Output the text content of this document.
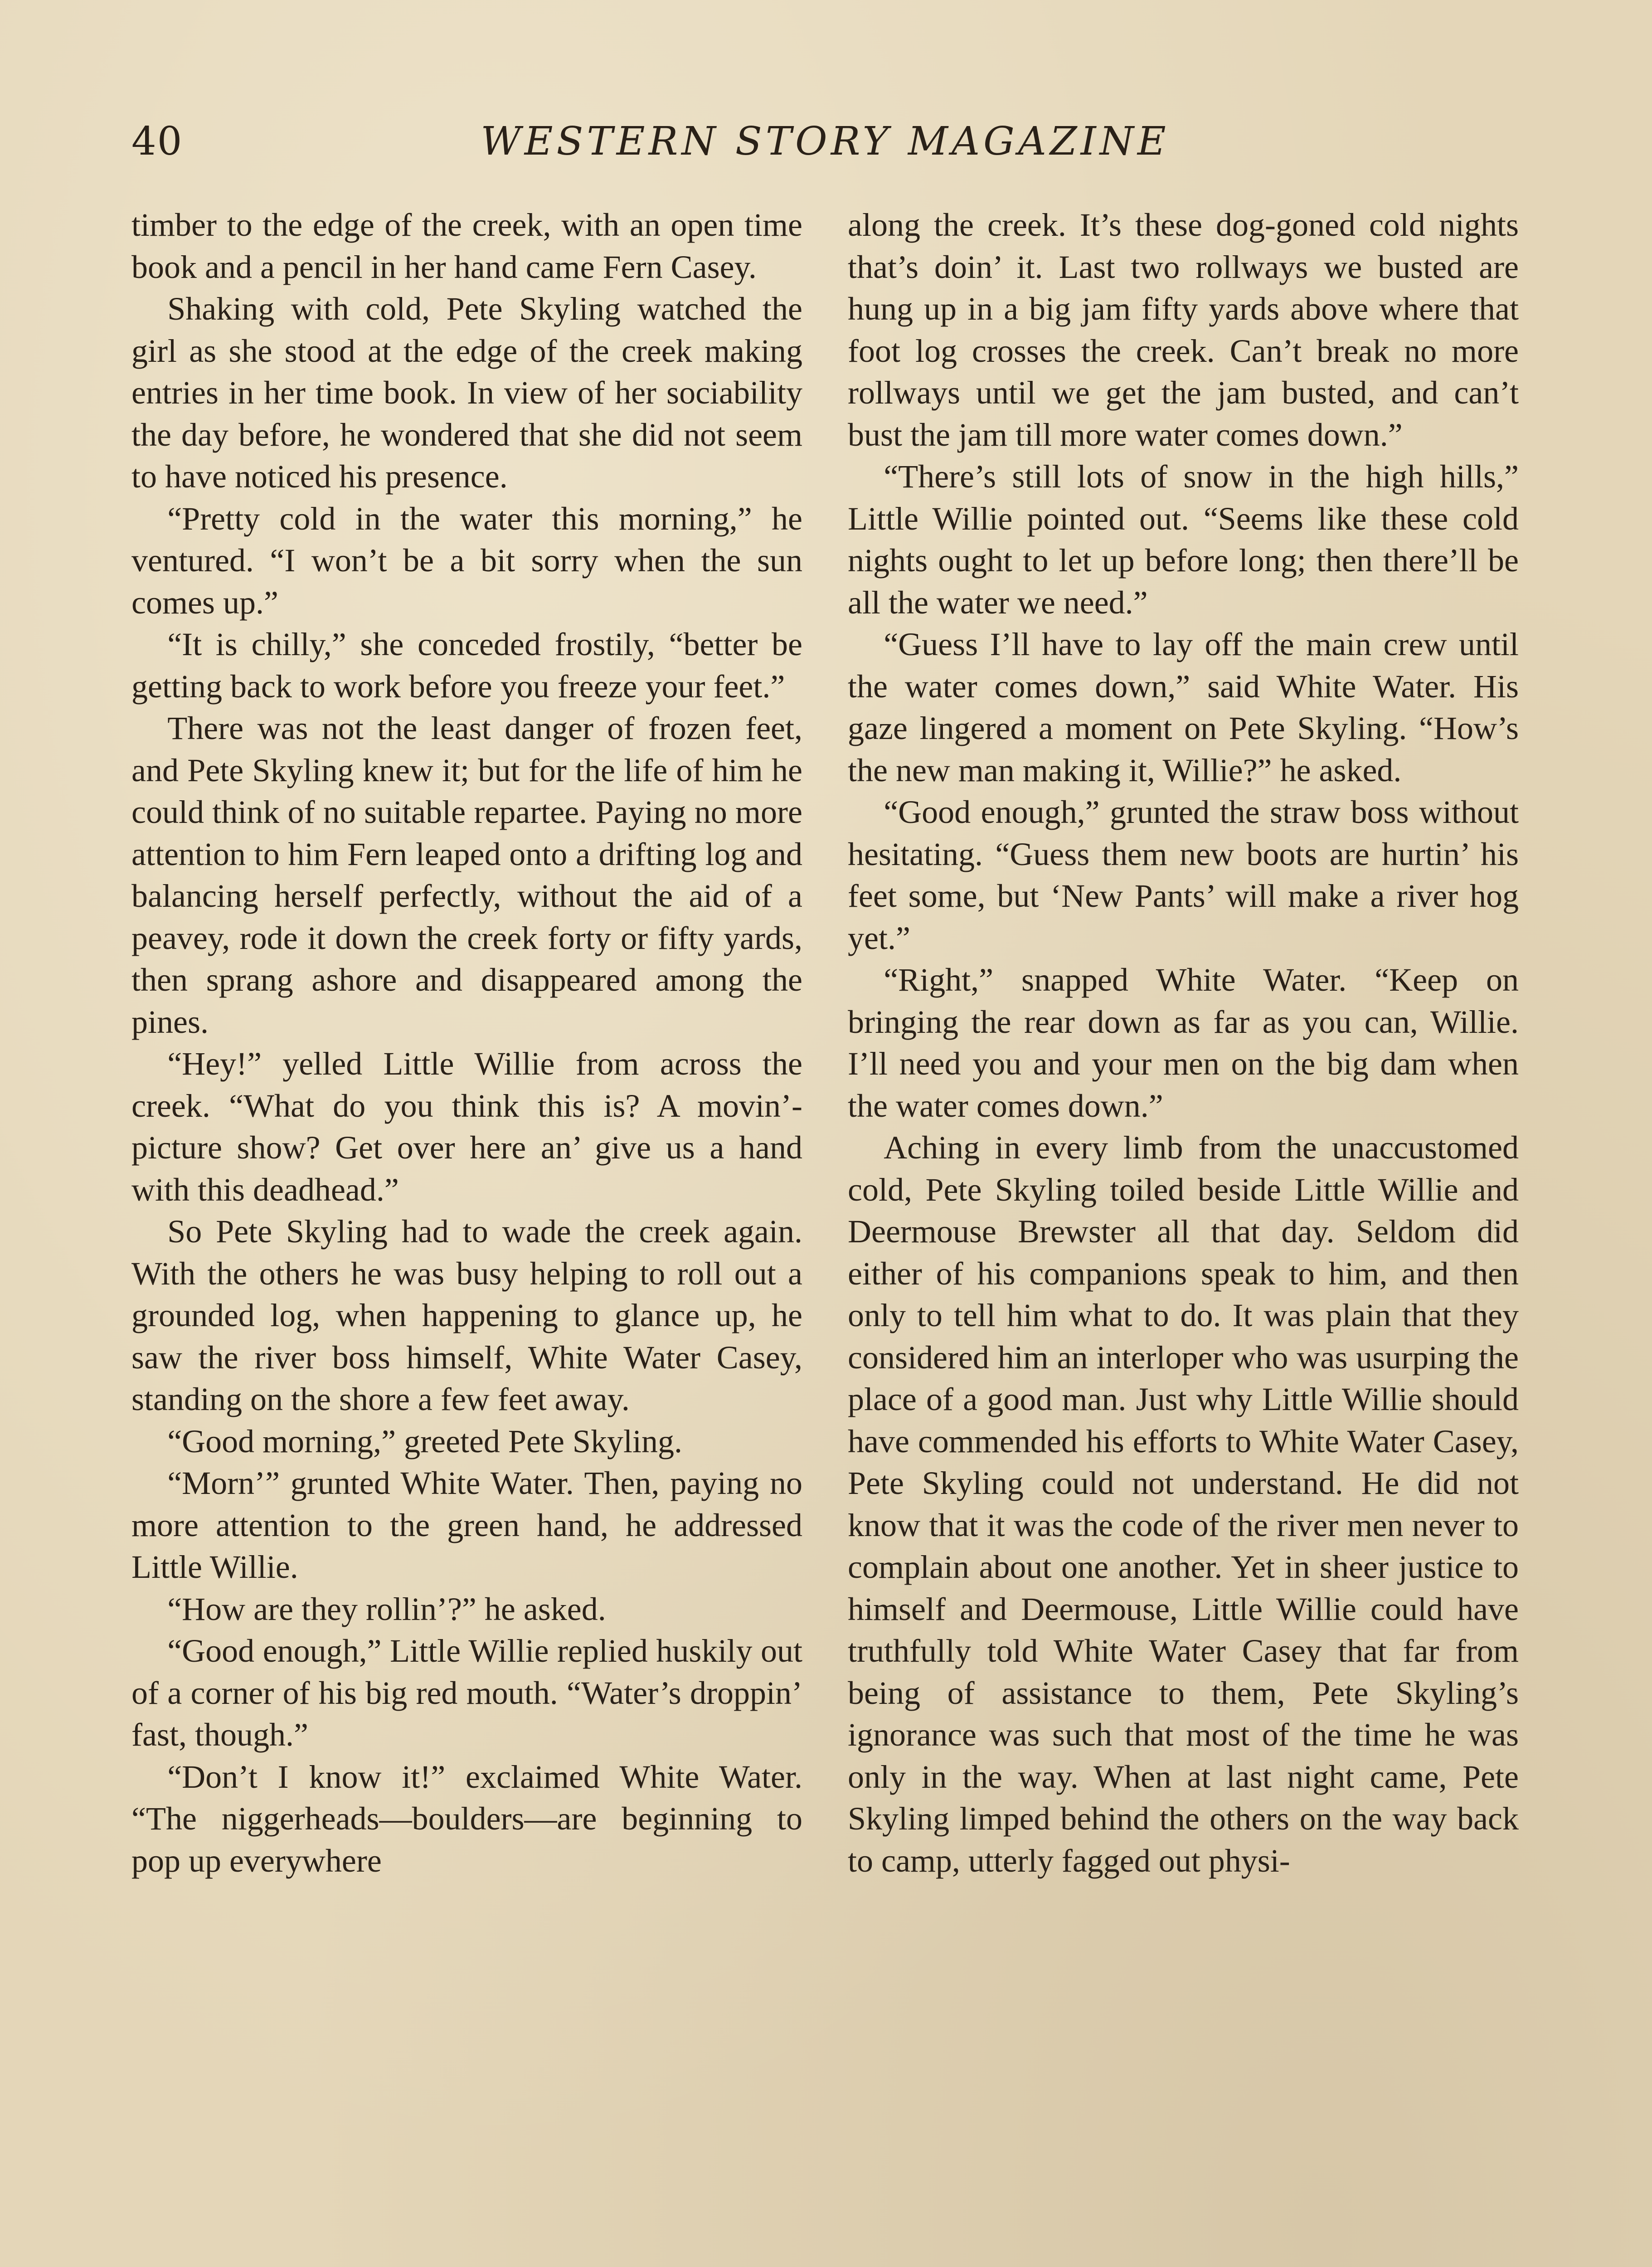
40	WESTERN STORY MAGAZINE

timber to the edge of the creek, with an open time book and a pencil in her hand came Fern Casey.

Shaking with cold, Pete Skyling watched the girl as she stood at the edge of the creek making entries in her time book. In view of her sociability the day before, he wondered that she did not seem to have noticed his presence.

“Pretty cold in the water this morning,” he ventured. “I won’t be a bit sorry when the sun comes up.”

“It is chilly,” she conceded frostily, “better be getting back to work before you freeze your feet.”

There was not the least danger of frozen feet, and Pete Skyling knew it; but for the life of him he could think of no suitable repartee. Paying no more attention to him Fern leaped onto a drifting log and balancing herself perfectly, without the aid of a peavey, rode it down the creek forty or fifty yards, then sprang ashore and disappeared among the pines.

“Hey!” yelled Little Willie from across the creek. “What do you think this is? A movin’-picture show? Get over here an’ give us a hand with this deadhead.”

So Pete Skyling had to wade the creek again. With the others he was busy helping to roll out a grounded log, when happening to glance up, he saw the river boss himself, White Water Casey, standing on the shore a few feet away.

“Good morning,” greeted Pete Skyling.

“Morn’” grunted White Water. Then, paying no more attention to the green hand, he addressed Little Willie.

“How are they rollin’?” he asked.

“Good enough,” Little Willie replied huskily out of a corner of his big red mouth. “Water’s droppin’ fast, though.”

“Don’t I know it!” exclaimed White Water. “The niggerheads—boulders—are beginning to pop up everywhere

along the creek. It’s these dog-goned cold nights that’s doin’ it. Last two rollways we busted are hung up in a big jam fifty yards above where that foot log crosses the creek. Can’t break no more rollways until we get the jam busted, and can’t bust the jam till more water comes down.”

“There’s still lots of snow in the high hills,” Little Willie pointed out. “Seems like these cold nights ought to let up before long; then there’ll be all the water we need.”

“Guess I’ll have to lay off the main crew until the water comes down,” said White Water. His gaze lingered a moment on Pete Skyling. “How’s the new man making it, Willie?” he asked.

“Good enough,” grunted the straw boss without hesitating. “Guess them new boots are hurtin’ his feet some, but ‘New Pants’ will make a river hog yet.”

“Right,” snapped White Water. “Keep on bringing the rear down as far as you can, Willie. I’ll need you and your men on the big dam when the water comes down.”

Aching in every limb from the unaccustomed cold, Pete Skyling toiled beside Little Willie and Deermouse Brewster all that day. Seldom did either of his companions speak to him, and then only to tell him what to do. It was plain that they considered him an interloper who was usurping the place of a good man. Just why Little Willie should have commended his efforts to White Water Casey, Pete Skyling could not understand. He did not know that it was the code of the river men never to complain about one another. Yet in sheer justice to himself and Deermouse, Little Willie could have truthfully told White Water Casey that far from being of assistance to them, Pete Skyling’s ignorance was such that most of the time he was only in the way. When at last night came, Pete Skyling limped behind the others on the way back to camp, utterly fagged out physi-
